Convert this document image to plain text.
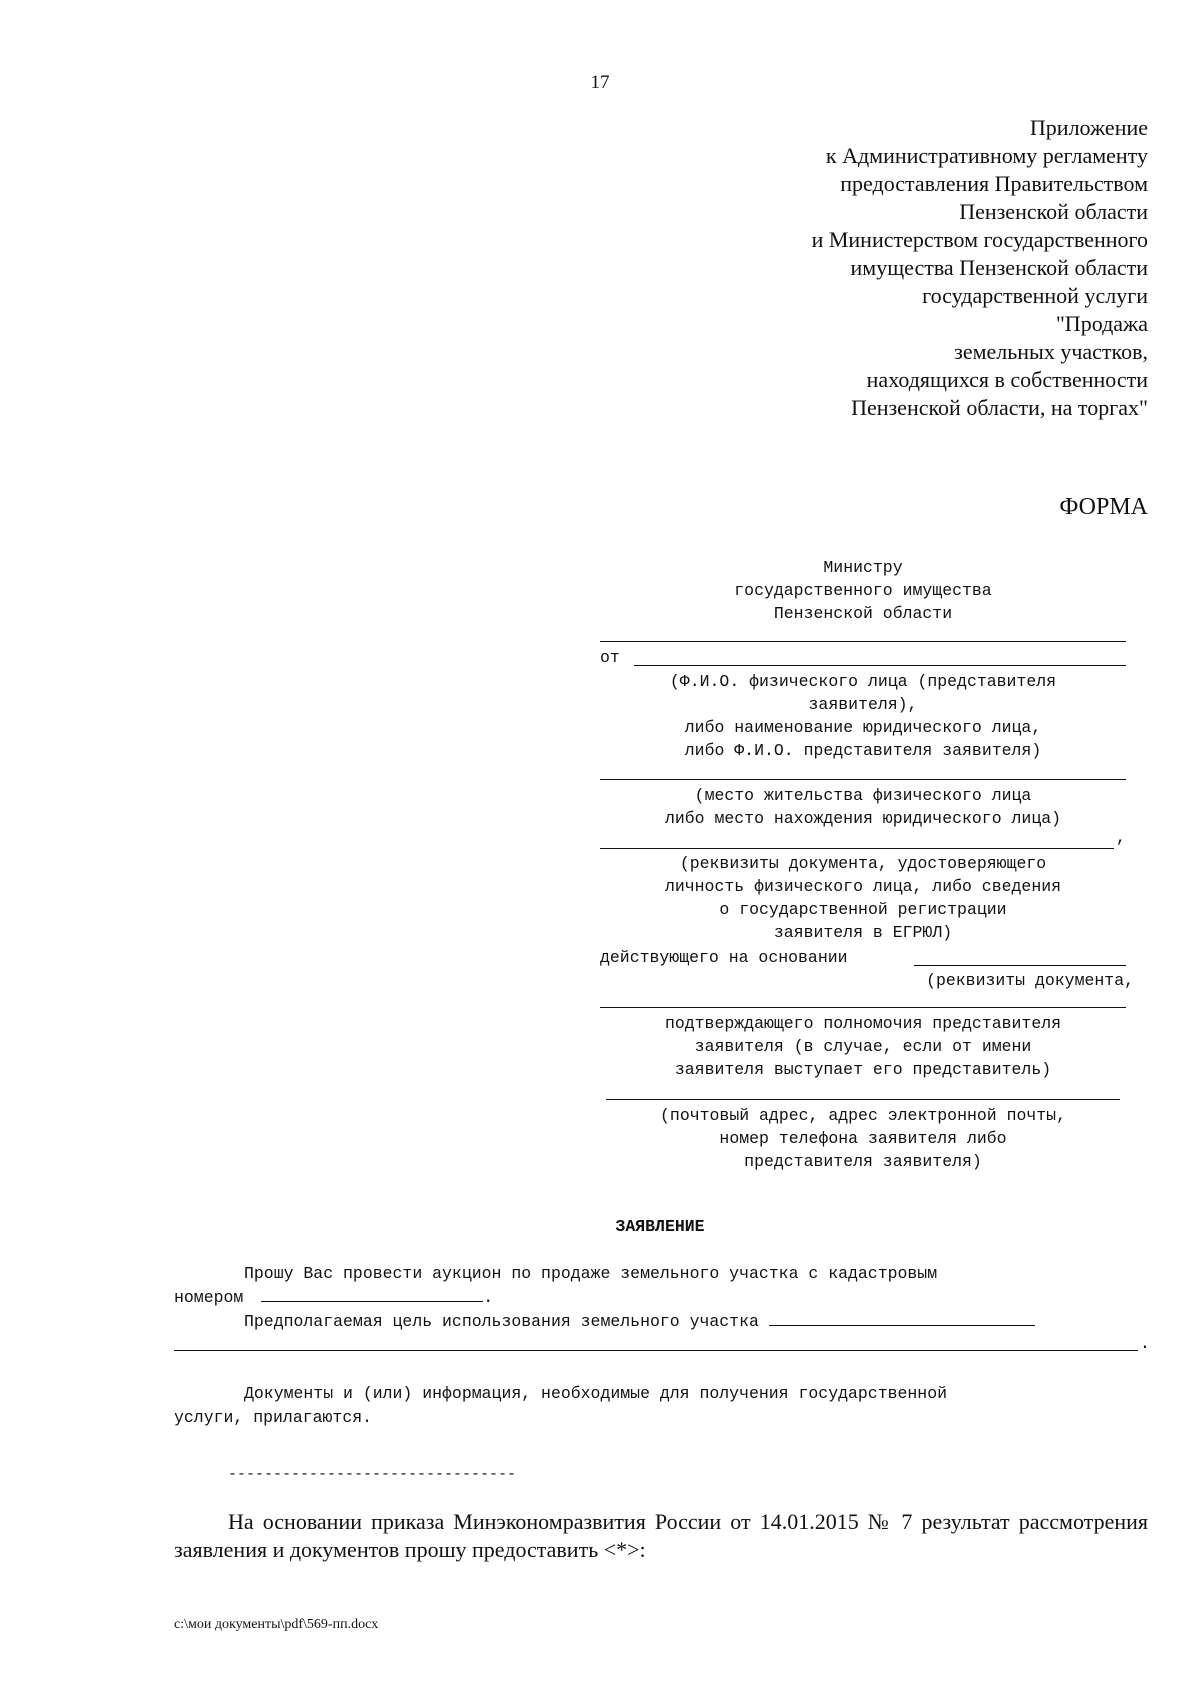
17
Приложение
к Административному регламенту
предоставления Правительством
Пензенской области
и Министерством государственного
имущества Пензенской области
государственной услуги
"Продажа
земельных участков,
находящихся в собственности
Пензенской области, на торгах"
ФОРМА
Министру
государственного имущества
Пензенской области
от
(Ф.И.О. физического лица (представителя
заявителя),
либо наименование юридического лица,
либо Ф.И.О. представителя заявителя)
(место жительства физического лица
либо место нахождения юридического лица)
,
(реквизиты документа, удостоверяющего
личность физического лица, либо сведения
о государственной регистрации
заявителя в ЕГРЮЛ)
действующего на основании
(реквизиты документа,
подтверждающего полномочия представителя
заявителя (в случае, если от имени
заявителя выступает его представитель)
(почтовый адрес, адрес электронной почты,
номер телефона заявителя либо
представителя заявителя)
ЗАЯВЛЕНИЕ
Прошу Вас провести аукцион по продаже земельного участка с кадастровым
номером	.
Предполагаемая цель использования земельного участка
.
Документы и (или) информация, необходимые для получения государственной
услуги, прилагаются.
--------------------------------
На основании приказа Минэкономразвития России от 14.01.2015 № 7 результат рассмотрения заявления и документов прошу предоставить <*>:
c:\мои документы\pdf\569-пп.docx
